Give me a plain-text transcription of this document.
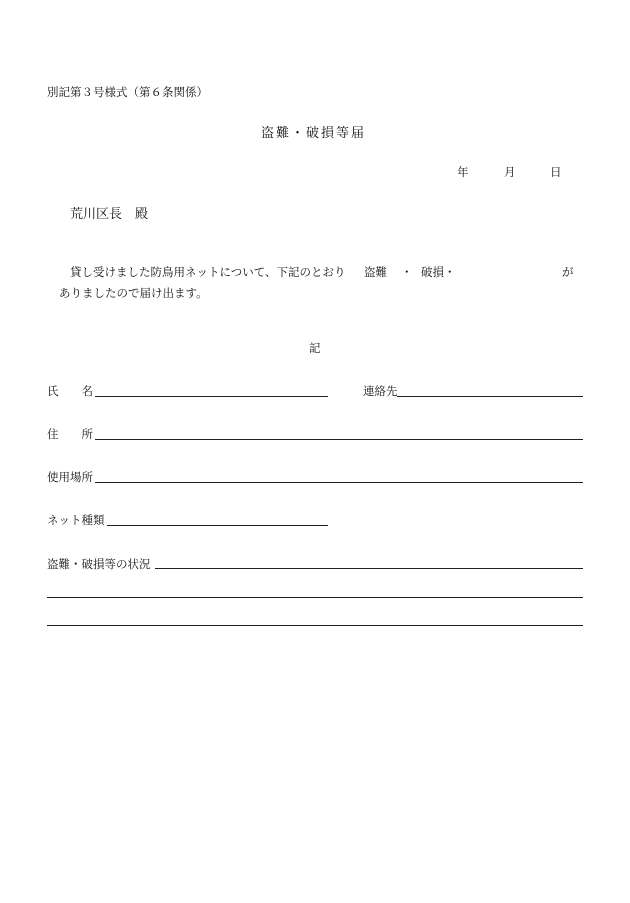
別記第３号様式（第６条関係）
盗難・破損等届
年	月	日
荒川区長　殿
貸し受けました防鳥用ネットについて、下記のとおり 盗難 ・ 破損・	が
ありましたので届け出ます。
記
氏　　名	連絡先
住　　所
使用場所
ネット種類
盗難・破損等の状況
